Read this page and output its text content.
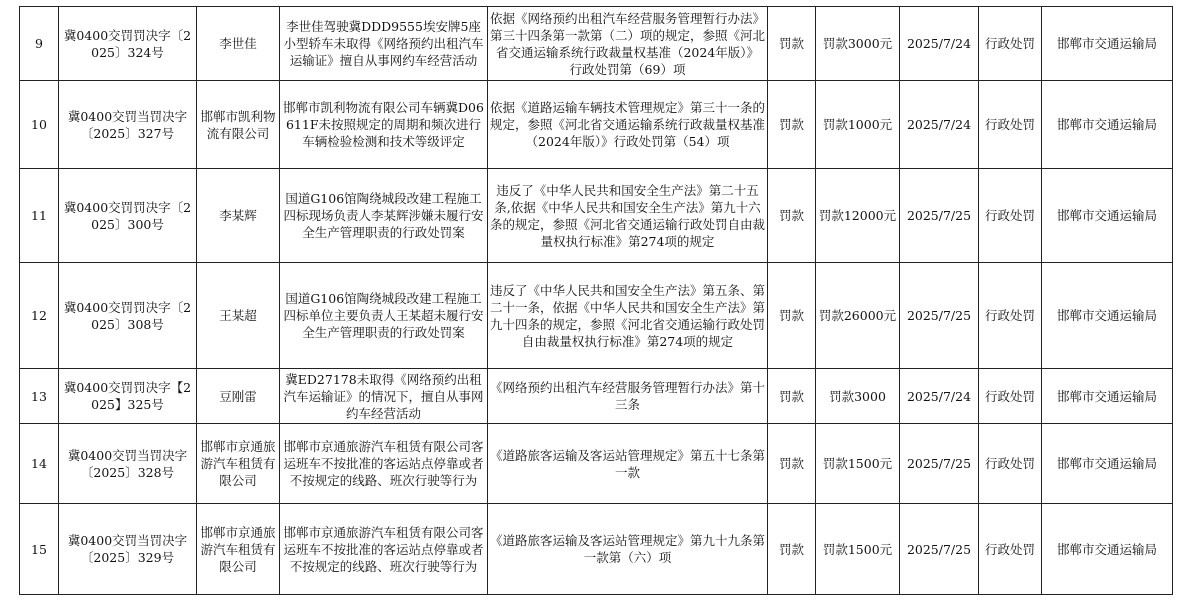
9	冀0400交罚罚决字〔2025〕324号	李世佳	李世佳驾驶冀DDD9555埃安牌5座小型轿车未取得《网络预约出租汽车运输证》擅自从事网约车经营活动	依据《网络预约出租汽车经营服务管理暂行办法》第三十四条第一款第（二）项的规定，参照《河北省交通运输系统行政裁量权基准（2024年版）》行政处罚第（69）项	罚款	罚款3000元	2025/7/24	行政处罚	邯郸市交通运输局
10	冀0400交罚当罚决字〔2025〕327号	邯郸市凯利物流有限公司	邯郸市凯利物流有限公司车辆冀D06611F未按照规定的周期和频次进行车辆检验检测和技术等级评定	依据《道路运输车辆技术管理规定》第三十一条的规定，参照《河北省交通运输系统行政裁量权基准（2024年版）》行政处罚第（54）项	罚款	罚款1000元	2025/7/24	行政处罚	邯郸市交通运输局
11	冀0400交罚罚决字〔2025〕300号	李某辉	国道G106馆陶绕城段改建工程施工四标现场负责人李某辉涉嫌未履行安全生产管理职责的行政处罚案	违反了《中华人民共和国安全生产法》第二十五条,依据《中华人民共和国安全生产法》第九十六条的规定，参照《河北省交通运输行政处罚自由裁量权执行标准》第274项的规定	罚款	罚款12000元	2025/7/25	行政处罚	邯郸市交通运输局
12	冀0400交罚罚决字〔2025〕308号	王某超	国道G106馆陶绕城段改建工程施工四标单位主要负责人王某超未履行安全生产管理职责的行政处罚案	违反了《中华人民共和国安全生产法》第五条、第二十一条，依据《中华人民共和国安全生产法》第九十四条的规定，参照《河北省交通运输行政处罚自由裁量权执行标准》第274项的规定	罚款	罚款26000元	2025/7/25	行政处罚	邯郸市交通运输局
13	冀0400交罚罚决字【2025】325号	豆刚雷	冀ED27178未取得《网络预约出租汽车运输证》的情况下，擅自从事网约车经营活动	《网络预约出租汽车经营服务管理暂行办法》第十三条	罚款	罚款3000	2025/7/24	行政处罚	邯郸市交通运输局
14	冀0400交罚当罚决字〔2025〕328号	邯郸市京通旅游汽车租赁有限公司	邯郸市京通旅游汽车租赁有限公司客运班车不按批准的客运站点停靠或者不按规定的线路、班次行驶等行为	《道路旅客运输及客运站管理规定》第五十七条第一款	罚款	罚款1500元	2025/7/25	行政处罚	邯郸市交通运输局
15	冀0400交罚当罚决字〔2025〕329号	邯郸市京通旅游汽车租赁有限公司	邯郸市京通旅游汽车租赁有限公司客运班车不按批准的客运站点停靠或者不按规定的线路、班次行驶等行为	《道路旅客运输及客运站管理规定》第九十九条第一款第（六）项	罚款	罚款1500元	2025/7/25	行政处罚	邯郸市交通运输局
